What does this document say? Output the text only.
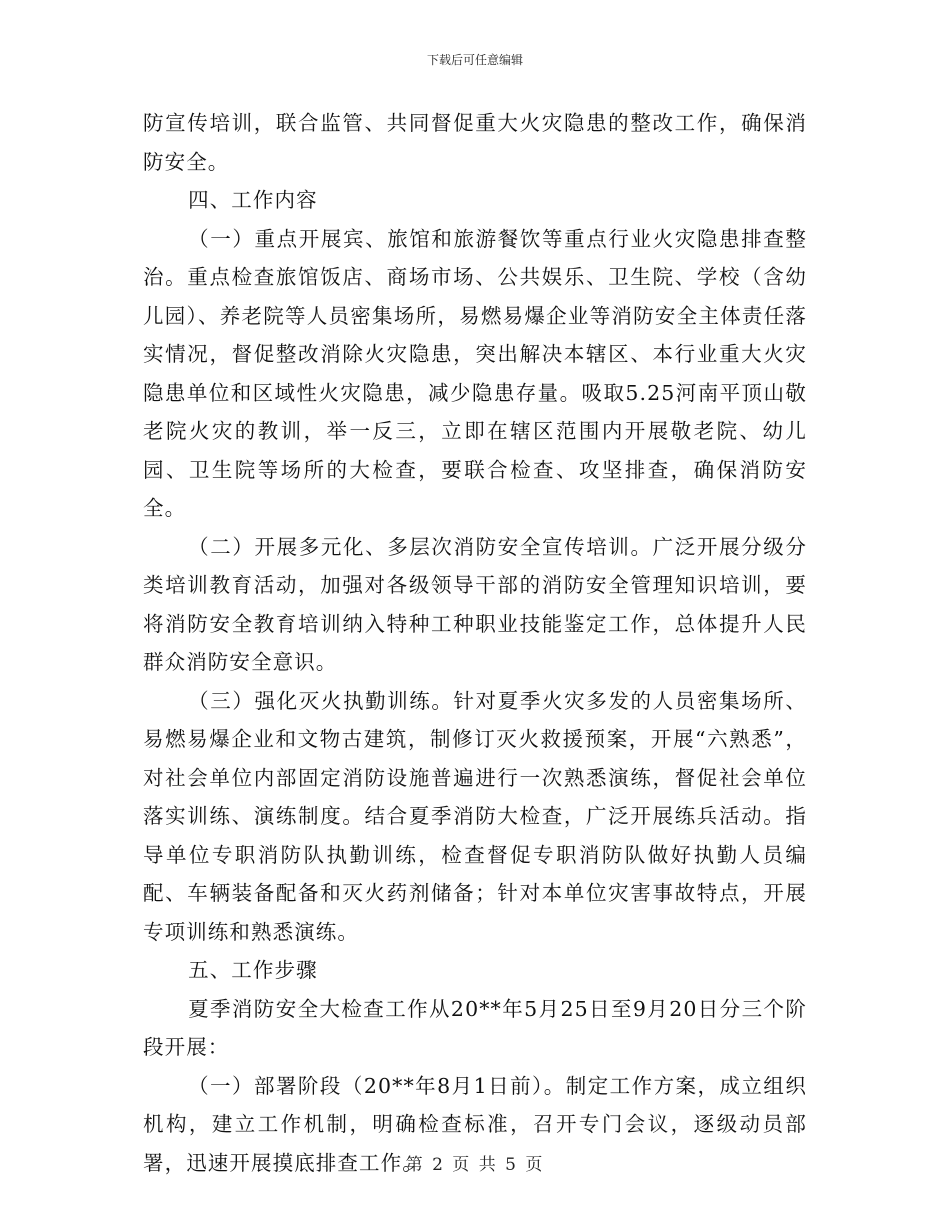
下载后可任意编辑

防宣传培训，联合监管、共同督促重大火灾隐患的整改工作，确保消防安全。

四、工作内容

（一）重点开展宾、旅馆和旅游餐饮等重点行业火灾隐患排查整治。重点检查旅馆饭店、商场市场、公共娱乐、卫生院、学校（含幼儿园）、养老院等人员密集场所，易燃易爆企业等消防安全主体责任落实情况，督促整改消除火灾隐患，突出解决本辖区、本行业重大火灾隐患单位和区域性火灾隐患，减少隐患存量。吸取5.25河南平顶山敬老院火灾的教训，举一反三，立即在辖区范围内开展敬老院、幼儿园、卫生院等场所的大检查，要联合检查、攻坚排查，确保消防安全。

（二）开展多元化、多层次消防安全宣传培训。广泛开展分级分类培训教育活动，加强对各级领导干部的消防安全管理知识培训，要将消防安全教育培训纳入特种工种职业技能鉴定工作，总体提升人民群众消防安全意识。

（三）强化灭火执勤训练。针对夏季火灾多发的人员密集场所、易燃易爆企业和文物古建筑，制修订灭火救援预案，开展“六熟悉”，对社会单位内部固定消防设施普遍进行一次熟悉演练，督促社会单位落实训练、演练制度。结合夏季消防大检查，广泛开展练兵活动。指导单位专职消防队执勤训练，检查督促专职消防队做好执勤人员编配、车辆装备配备和灭火药剂储备；针对本单位灾害事故特点，开展专项训练和熟悉演练。

五、工作步骤

夏季消防安全大检查工作从20**年5月25日至9月20日分三个阶段开展：

（一）部署阶段（20**年8月1日前）。制定工作方案，成立组织机构，建立工作机制，明确检查标准，召开专门会议，逐级动员部署，迅速开展摸底排查工作。

第 2 页 共 5 页
